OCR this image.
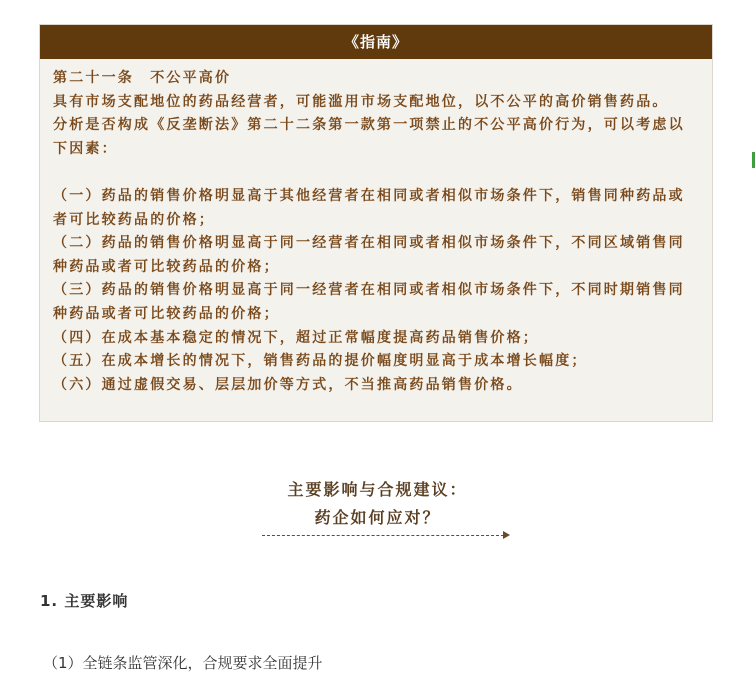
《指南》

第二十一条　不公平高价

具有市场支配地位的药品经营者，可能滥用市场支配地位，以不公平的高价销售药品。

分析是否构成《反垄断法》第二十二条第一款第一项禁止的不公平高价行为，可以考虑以下因素：

（一）药品的销售价格明显高于其他经营者在相同或者相似市场条件下，销售同种药品或者可比较药品的价格；

（二）药品的销售价格明显高于同一经营者在相同或者相似市场条件下，不同区域销售同种药品或者可比较药品的价格；

（三）药品的销售价格明显高于同一经营者在相同或者相似市场条件下，不同时期销售同种药品或者可比较药品的价格；

（四）在成本基本稳定的情况下，超过正常幅度提高药品销售价格；

（五）在成本增长的情况下，销售药品的提价幅度明显高于成本增长幅度；

（六）通过虚假交易、层层加价等方式，不当推高药品销售价格。

主要影响与合规建议：
药企如何应对？
1. 主要影响
（1）全链条监管深化，合规要求全面提升
